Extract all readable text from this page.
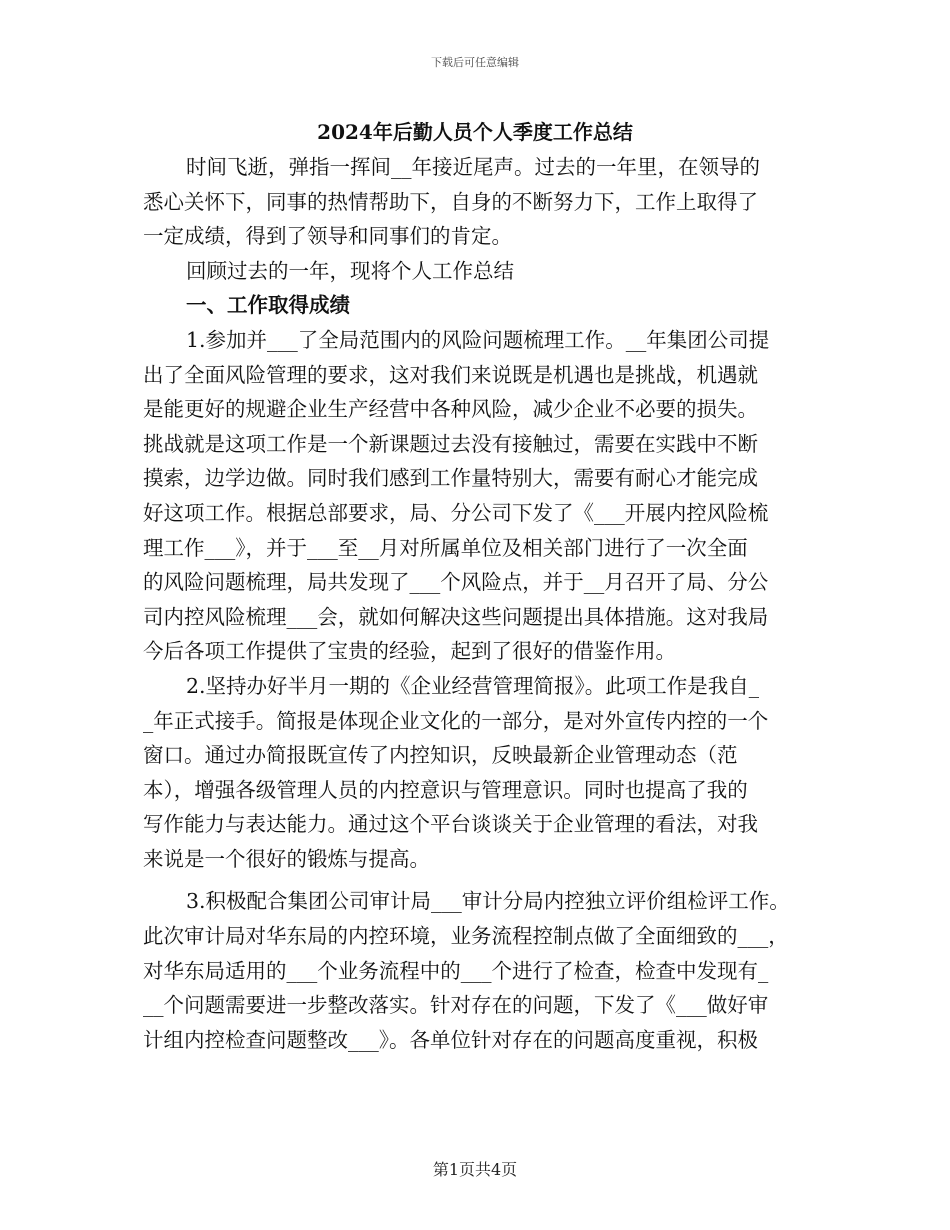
下载后可任意编辑
2024年后勤人员个人季度工作总结
时间飞逝，弹指一挥间__年接近尾声。过去的一年里，在领导的
悉心关怀下，同事的热情帮助下，自身的不断努力下，工作上取得了
一定成绩，得到了领导和同事们的肯定。
回顾过去的一年，现将个人工作总结
一、工作取得成绩
1.参加并___了全局范围内的风险问题梳理工作。__年集团公司提
出了全面风险管理的要求，这对我们来说既是机遇也是挑战，机遇就
是能更好的规避企业生产经营中各种风险，减少企业不必要的损失。
挑战就是这项工作是一个新课题过去没有接触过，需要在实践中不断
摸索，边学边做。同时我们感到工作量特别大，需要有耐心才能完成
好这项工作。根据总部要求，局、分公司下发了《___开展内控风险梳
理工作___》，并于___至__月对所属单位及相关部门进行了一次全面
的风险问题梳理，局共发现了___个风险点，并于__月召开了局、分公
司内控风险梳理___会，就如何解决这些问题提出具体措施。这对我局
今后各项工作提供了宝贵的经验，起到了很好的借鉴作用。
2.坚持办好半月一期的《企业经营管理简报》。此项工作是我自_
_年正式接手。简报是体现企业文化的一部分，是对外宣传内控的一个
窗口。通过办简报既宣传了内控知识，反映最新企业管理动态（范
本），增强各级管理人员的内控意识与管理意识。同时也提高了我的
写作能力与表达能力。通过这个平台谈谈关于企业管理的看法，对我
来说是一个很好的锻炼与提高。
3.积极配合集团公司审计局___审计分局内控独立评价组检评工作。
此次审计局对华东局的内控环境，业务流程控制点做了全面细致的___，
对华东局适用的___个业务流程中的___个进行了检查，检查中发现有_
__个问题需要进一步整改落实。针对存在的问题，下发了《___做好审
计组内控检查问题整改___》。各单位针对存在的问题高度重视，积极
第1页共4页
